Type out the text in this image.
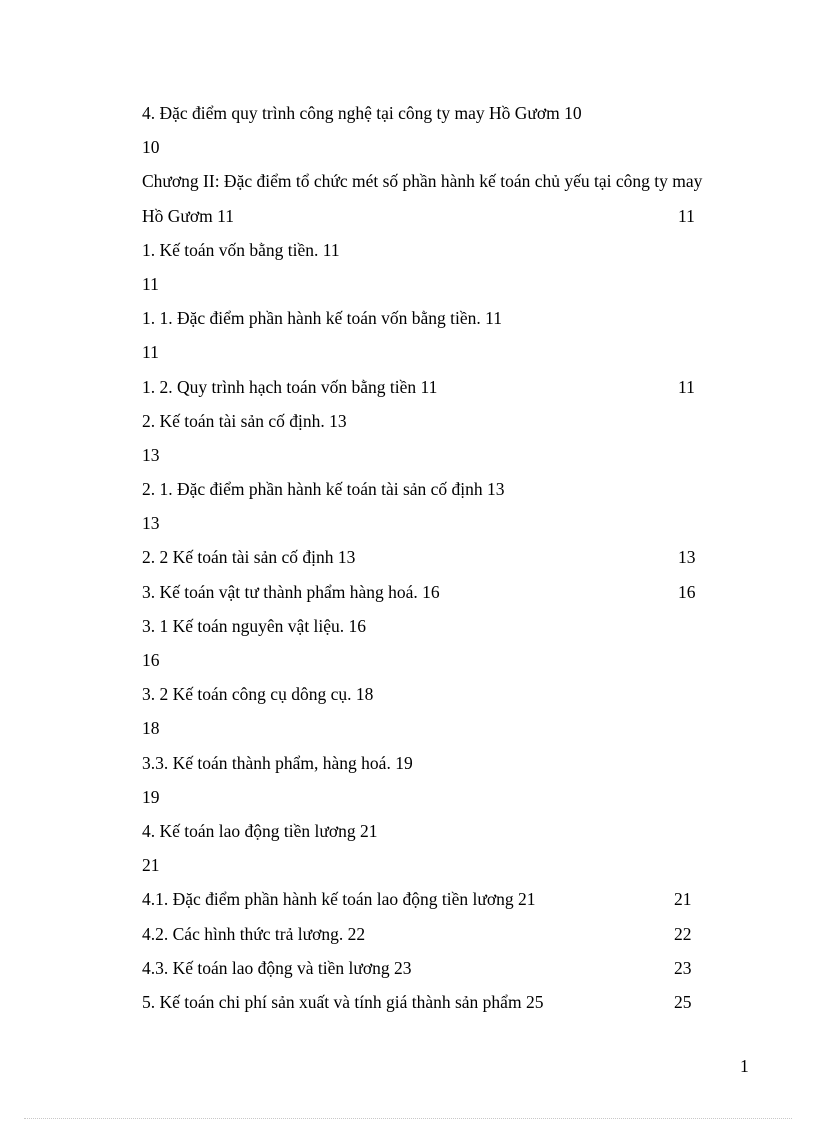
4. Đặc điểm quy trình công nghệ tại công ty may Hồ Gươm 10
10
Chương II: Đặc điểm tổ chức mét số phần hành kế toán chủ yếu tại công ty may
Hồ Gươm 11	11
1. Kế toán vốn bằng tiền. 11
11
1. 1. Đặc điểm phần hành kế toán vốn bằng tiền. 11
11
1. 2. Quy trình hạch toán vốn bằng tiền 11	11
2. Kế toán tài sản cố định. 13
13
2. 1. Đặc điểm phần hành kế toán tài sản cố định 13
13
2. 2 Kế toán tài sản cố định 13	13
3. Kế toán vật tư thành phẩm hàng hoá. 16	16
3. 1 Kế toán nguyên vật liệu. 16
16
3. 2 Kế toán công cụ dông cụ. 18
18
3.3. Kế toán thành phẩm, hàng hoá. 19
19
4. Kế toán lao động tiền lương 21
21
4.1. Đặc điểm phần hành kế toán lao động tiền lương 21	21
4.2. Các hình thức trả lương. 22	22
4.3. Kế toán lao động và tiền lương 23	23
5. Kế toán chi phí sản xuất và tính giá thành sản phẩm 25	25
1
